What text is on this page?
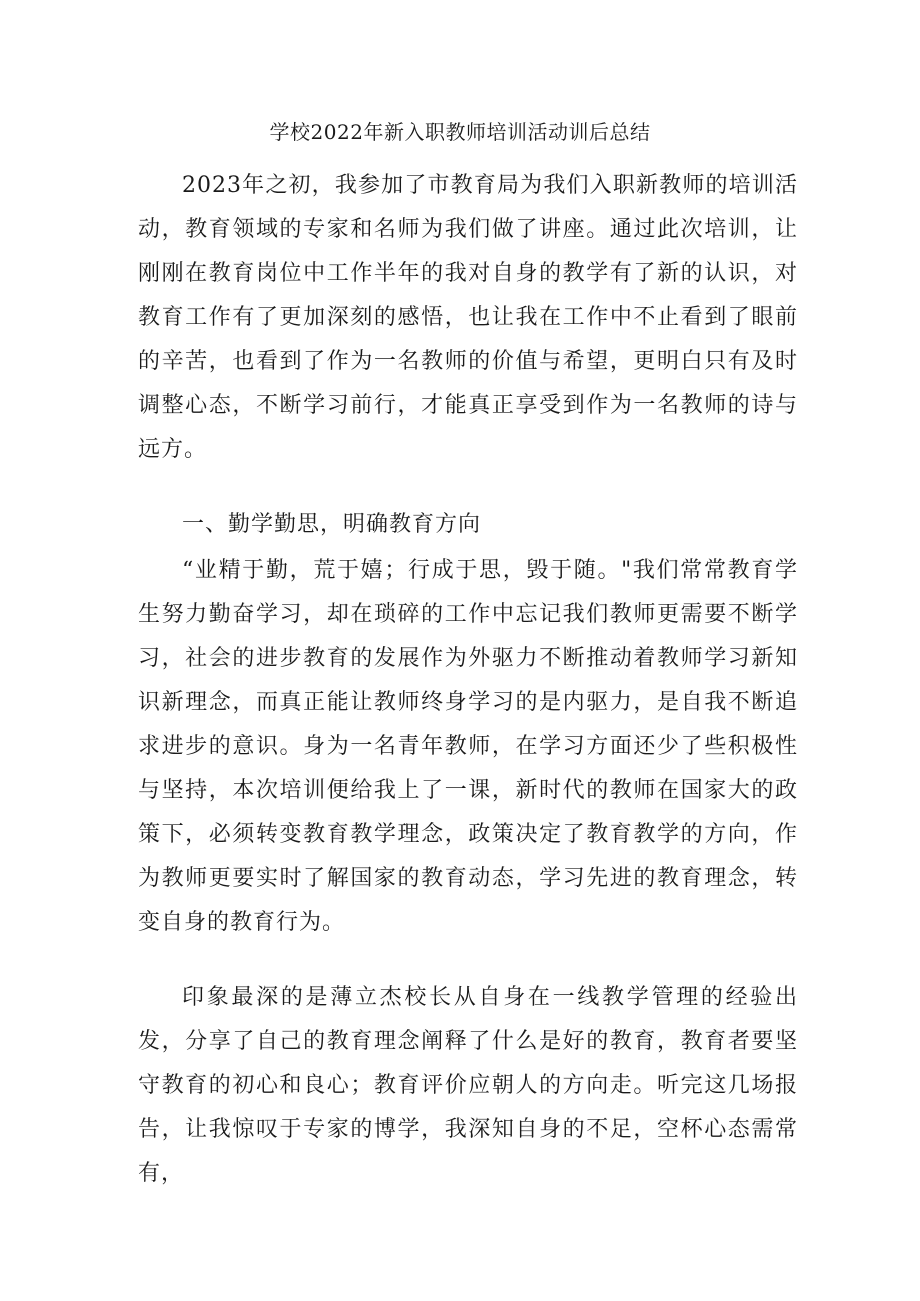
学校2022年新入职教师培训活动训后总结

2023年之初，我参加了市教育局为我们入职新教师的培训活动，教育领域的专家和名师为我们做了讲座。通过此次培训，让刚刚在教育岗位中工作半年的我对自身的教学有了新的认识，对教育工作有了更加深刻的感悟，也让我在工作中不止看到了眼前的辛苦，也看到了作为一名教师的价值与希望，更明白只有及时调整心态，不断学习前行，才能真正享受到作为一名教师的诗与远方。

一、勤学勤思，明确教育方向

“业精于勤，荒于嬉；行成于思，毁于随。"我们常常教育学生努力勤奋学习，却在琐碎的工作中忘记我们教师更需要不断学习，社会的进步教育的发展作为外驱力不断推动着教师学习新知识新理念，而真正能让教师终身学习的是内驱力，是自我不断追求进步的意识。身为一名青年教师，在学习方面还少了些积极性与坚持，本次培训便给我上了一课，新时代的教师在国家大的政策下，必须转变教育教学理念，政策决定了教育教学的方向，作为教师更要实时了解国家的教育动态，学习先进的教育理念，转变自身的教育行为。

印象最深的是薄立杰校长从自身在一线教学管理的经验出发，分享了自己的教育理念阐释了什么是好的教育，教育者要坚守教育的初心和良心；教育评价应朝人的方向走。听完这几场报告，让我惊叹于专家的博学，我深知自身的不足，空杯心态需常有，
